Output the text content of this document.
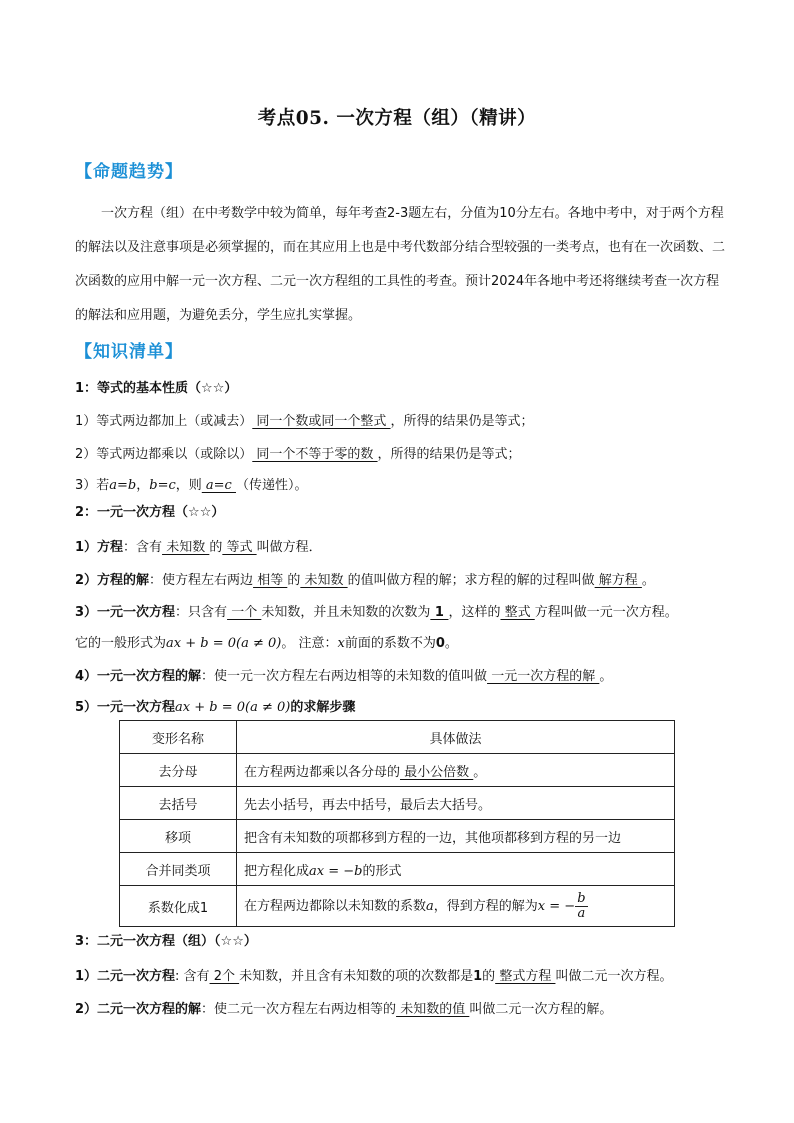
考点05. 一次方程（组）（精讲）
【命题趋势】
一次方程（组）在中考数学中较为简单，每年考查2-3题左右，分值为10分左右。各地中考中，对于两个方程的解法以及注意事项是必须掌握的，而在其应用上也是中考代数部分结合型较强的一类考点，也有在一次函数、二次函数的应用中解一元一次方程、二元一次方程组的工具性的考查。预计2024年各地中考还将继续考查一次方程的解法和应用题，为避免丢分，学生应扎实掌握。
【知识清单】
1：等式的基本性质（☆☆）
1）等式两边都加上（或减去） 同一个数或同一个整式 ，所得的结果仍是等式；
2）等式两边都乘以（或除以） 同一个不等于零的数 ，所得的结果仍是等式；
3）若a=b，b=c，则 a=c （传递性）。
2：一元一次方程（☆☆）
1）方程：含有 未知数 的 等式 叫做方程．
2）方程的解：使方程左右两边 相等 的 未知数 的值叫做方程的解；求方程的解的过程叫做 解方程 。
3）一元一次方程：只含有 一个 未知数，并且未知数的次数为 1 ，这样的 整式 方程叫做一元一次方程。
它的一般形式为ax + b = 0(a ≠ 0)。 注意：x前面的系数不为0。
4）一元一次方程的解：使一元一次方程左右两边相等的未知数的值叫做 一元一次方程的解 。
5）一元一次方程ax + b = 0(a ≠ 0)的求解步骤
变形名称	具体做法
去分母	在方程两边都乘以各分母的 最小公倍数 。
去括号	先去小括号，再去中括号，最后去大括号。
移项	把含有未知数的项都移到方程的一边，其他项都移到方程的另一边
合并同类项	把方程化成ax = −b的形式
系数化成1	在方程两边都除以未知数的系数a，得到方程的解为x = − $\frac{b}{a}$
3：二元一次方程（组）（☆☆）
1）二元一次方程: 含有 2个 未知数，并且含有未知数的项的次数都是1的 整式方程 叫做二元一次方程。
2）二元一次方程的解：使二元一次方程左右两边相等的 未知数的值 叫做二元一次方程的解。
